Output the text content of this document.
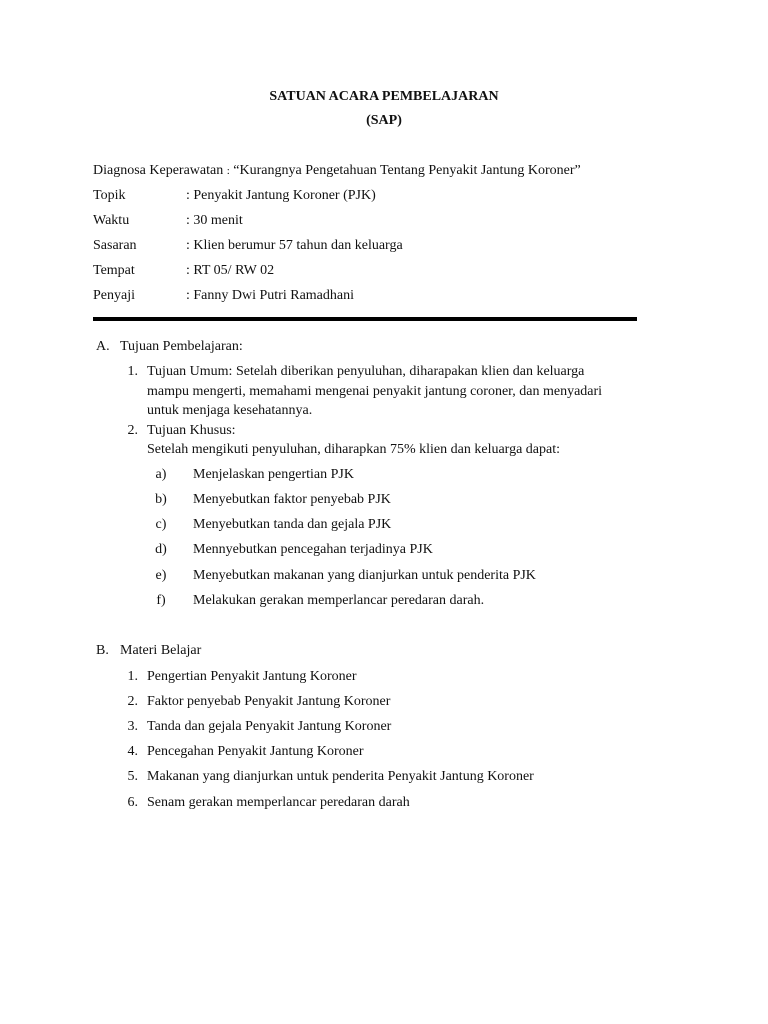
SATUAN ACARA PEMBELAJARAN
(SAP)
Diagnosa Keperawatan : “Kurangnya Pengetahuan Tentang Penyakit Jantung Koroner”
Topik	: Penyakit Jantung Koroner (PJK)
Waktu	: 30 menit
Sasaran	: Klien berumur 57 tahun dan keluarga
Tempat	: RT 05/ RW 02
Penyaji	: Fanny Dwi Putri Ramadhani
A. Tujuan Pembelajaran:
1. Tujuan Umum: Setelah diberikan penyuluhan, diharapakan klien dan keluarga
mampu mengerti, memahami mengenai penyakit jantung coroner, dan menyadari
untuk menjaga kesehatannya.
2. Tujuan Khusus:
Setelah mengikuti penyuluhan, diharapkan 75% klien dan keluarga dapat:
a)	Menjelaskan pengertian PJK
b)	Menyebutkan faktor penyebab PJK
c)	Menyebutkan tanda dan gejala PJK
d)	Mennyebutkan pencegahan terjadinya PJK
e)	Menyebutkan makanan yang dianjurkan untuk penderita PJK
f)	Melakukan gerakan memperlancar peredaran darah.
B. Materi Belajar
1. Pengertian Penyakit Jantung Koroner
2. Faktor penyebab Penyakit Jantung Koroner
3. Tanda dan gejala Penyakit Jantung Koroner
4. Pencegahan Penyakit Jantung Koroner
5. Makanan yang dianjurkan untuk penderita Penyakit Jantung Koroner
6. Senam gerakan memperlancar peredaran darah
